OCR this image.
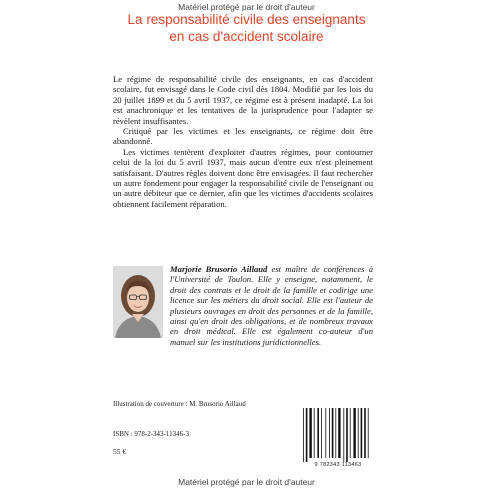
Matériel protégé par le droit d'auteur
La responsabilité civile des enseignants
en cas d'accident scolaire

Le régime de responsabilité civile des enseignants, en cas d'accident scolaire, fut envisagé dans le Code civil dès 1804. Modifié par les lois du 20 juillet 1899 et du 5 avril 1937, ce régime est à présent inadapté. La loi est anachronique et les tentatives de la jurisprudence pour l'adapter se révèlent insuffisantes.

Critiqué par les victimes et les enseignants, ce régime doit être abandonné.

Les victimes tentèrent d'exploiter d'autres régimes, pour contourner celui de la loi du 5 avril 1937, mais aucun d'entre eux n'est pleinement satisfaisant. D'autres règles doivent donc être envisagées. Il faut rechercher un autre fondement pour engager la responsabilité civile de l'enseignant ou un autre débiteur que ce dernier, afin que les victimes d'accidents scolaires obtiennent facilement réparation.

Marjorie Brusorio Aillaud est maître de conférences à l'Université de Toulon. Elle y enseigne, notamment, le droit des contrats et le droit de la famille et codirige une licence sur les métiers du droit social. Elle est l'auteur de plusieurs ouvrages en droit des personnes et de la famille, ainsi qu'en droit des obligations, et de nombreux travaux en droit médical. Elle est également co-auteur d'un manuel sur les institutions juridictionnelles.
Illustration de couverture : M. Brusorio Aillaud
ISBN : 978-2-343-11346-3
55 €
9 782343 113463
Matériel protégé par le droit d'auteur
